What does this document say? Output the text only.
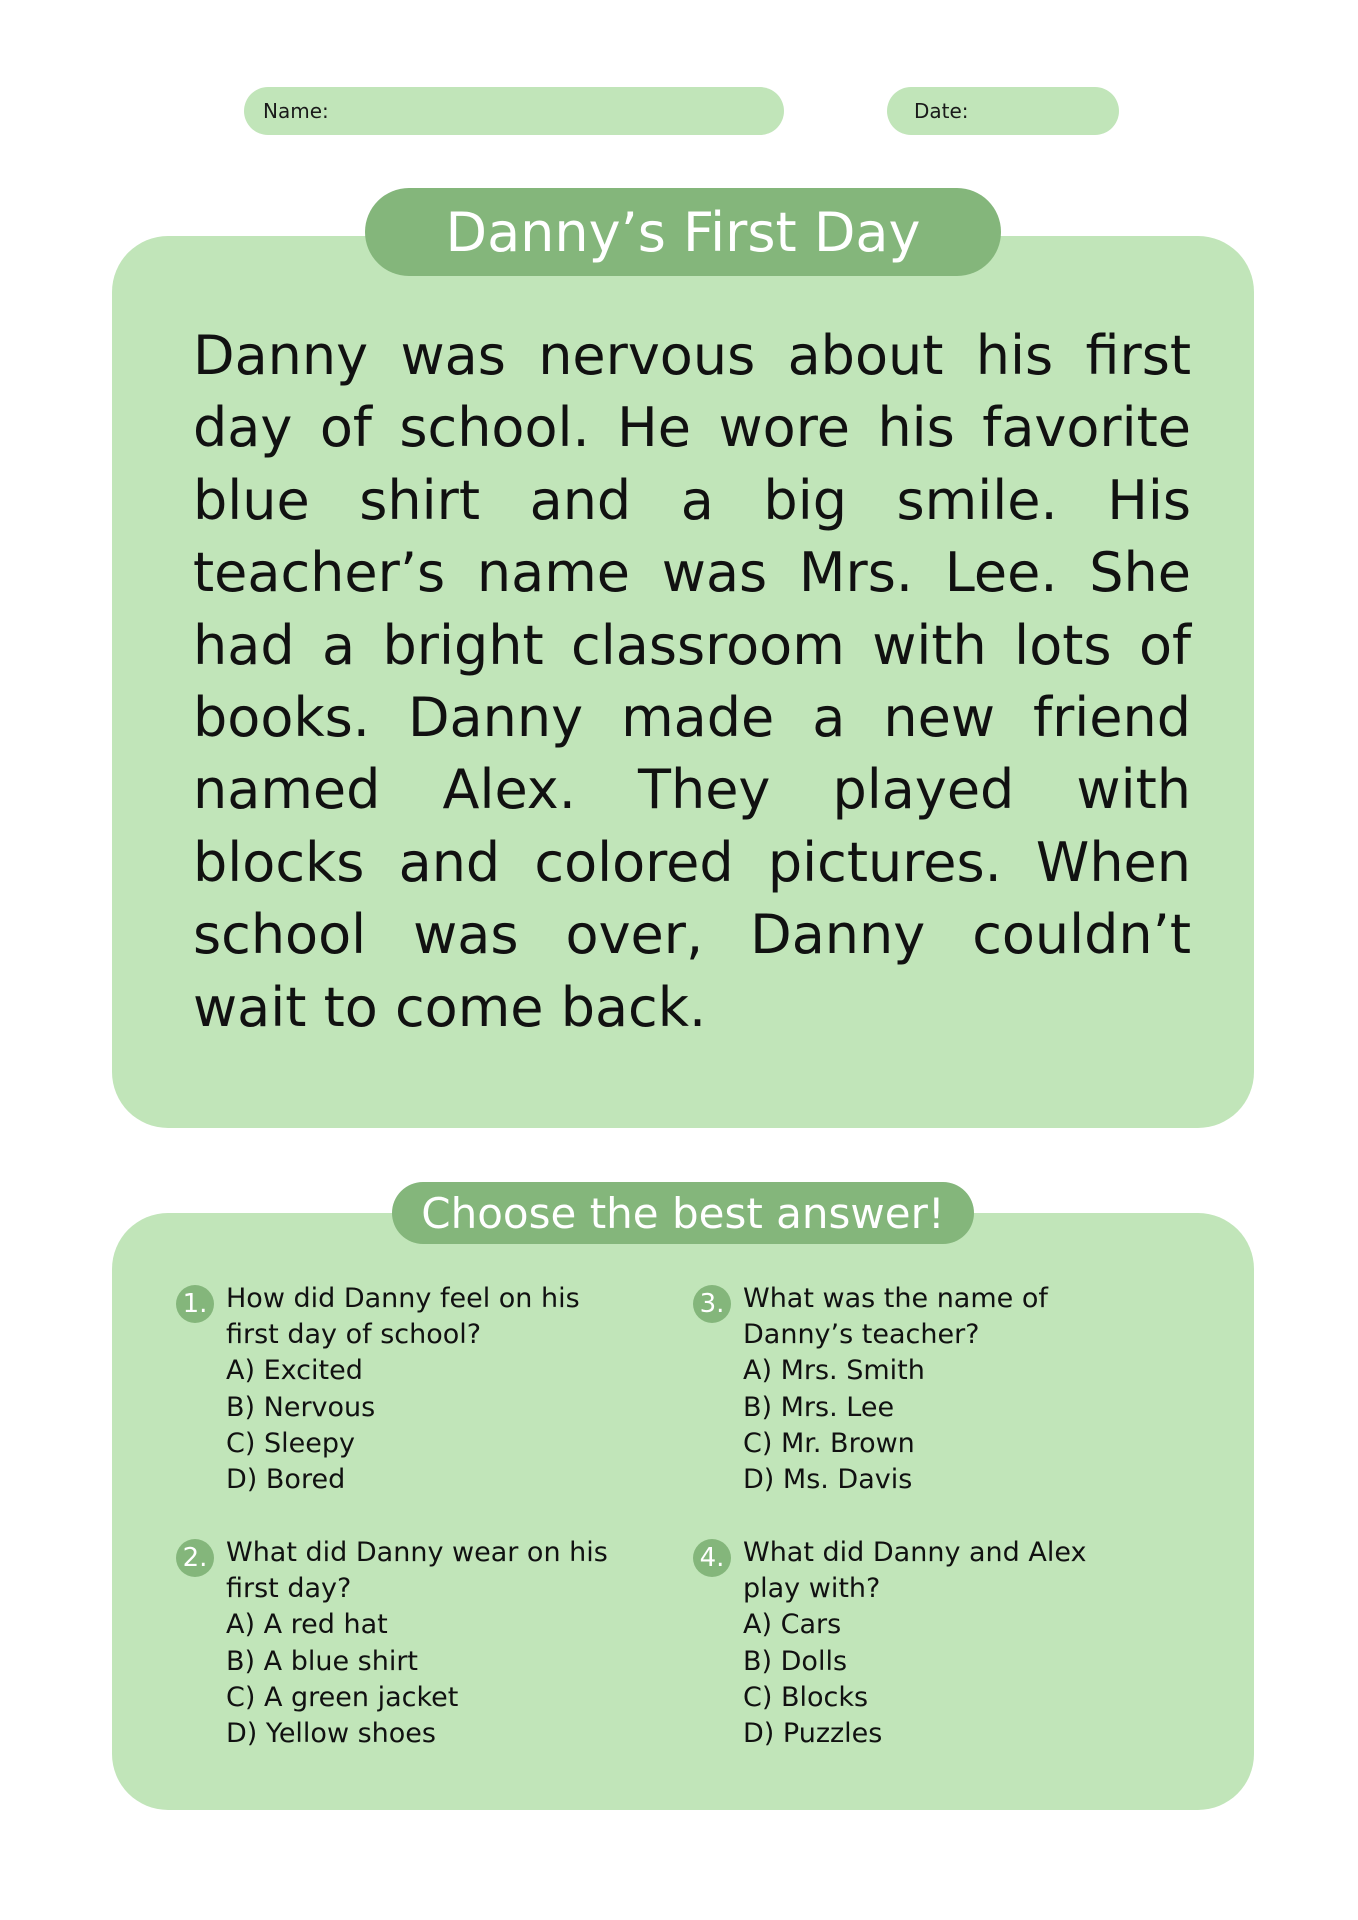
Name:	Date:
Danny’s First Day

Danny was nervous about his first day of school. He wore his favorite blue shirt and a big smile. His teacher’s name was Mrs. Lee. She had a bright classroom with lots of books. Danny made a new friend named Alex. They played with blocks and colored pictures. When school was over, Danny couldn’t wait to come back.

Choose the best answer!
1. How did Danny feel on his first day of school?
A) Excited
B) Nervous
C) Sleepy
D) Bored
2. What did Danny wear on his first day?
A) A red hat
B) A blue shirt
C) A green jacket
D) Yellow shoes
3. What was the name of Danny’s teacher?
A) Mrs. Smith
B) Mrs. Lee
C) Mr. Brown
D) Ms. Davis
4. What did Danny and Alex play with?
A) Cars
B) Dolls
C) Blocks
D) Puzzles
